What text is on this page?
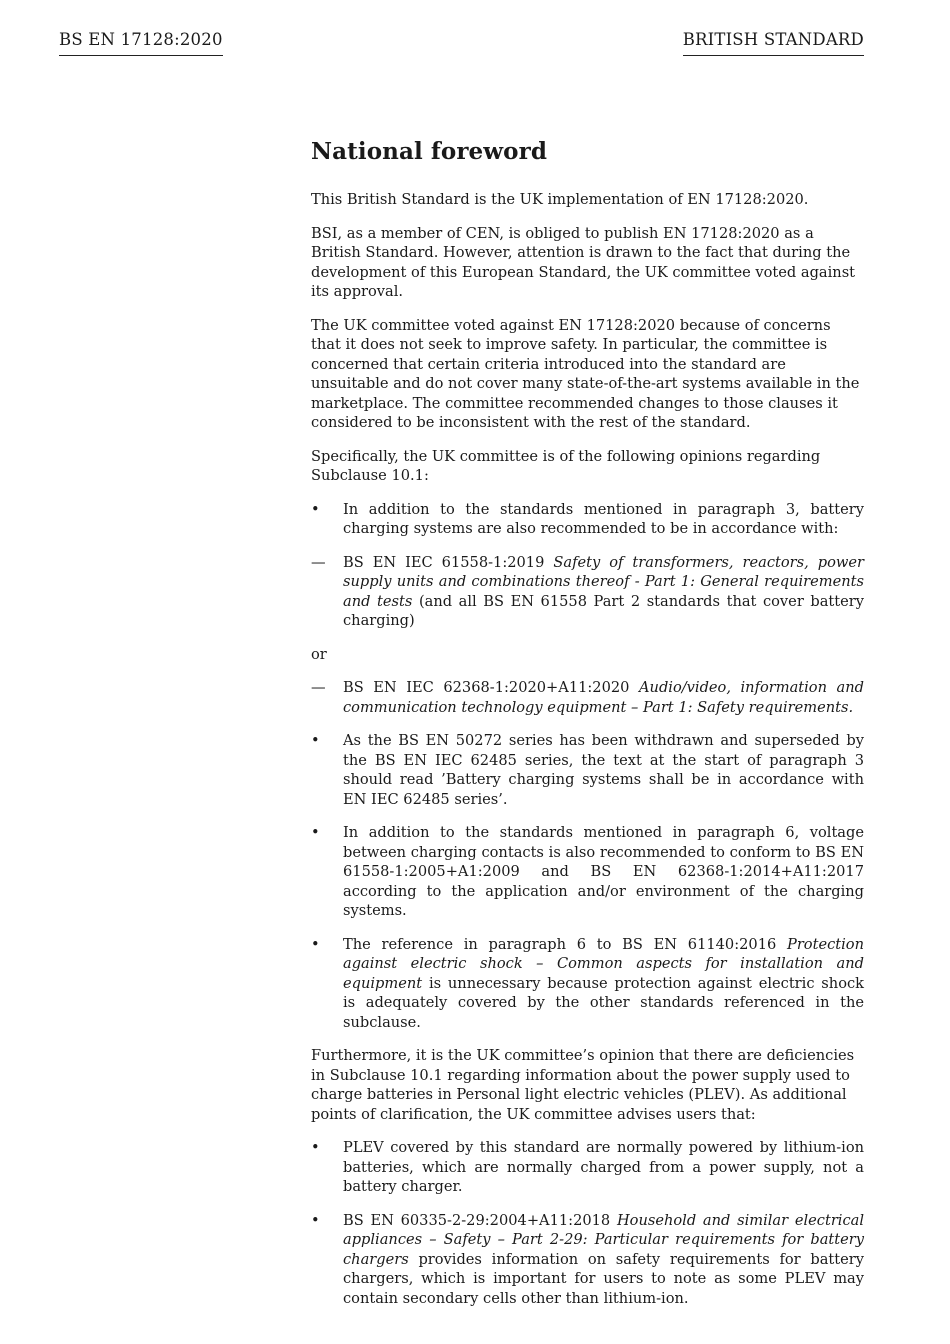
BS EN 17128:2020	BRITISH STANDARD
National foreword

This British Standard is the UK implementation of EN 17128:2020.

BSI, as a member of CEN, is obliged to publish EN 17128:2020 as a British Standard. However, attention is drawn to the fact that during the development of this European Standard, the UK committee voted against its approval.

The UK committee voted against EN 17128:2020 because of concerns that it does not seek to improve safety. In particular, the committee is concerned that certain criteria introduced into the standard are unsuitable and do not cover many state-of-the-art systems available in the marketplace. The committee recommended changes to those clauses it considered to be inconsistent with the rest of the standard.

Specifically, the UK committee is of the following opinions regarding Subclause 10.1:

• In addition to the standards mentioned in paragraph 3, battery charging systems are also recommended to be in accordance with:
— BS EN IEC 61558-1:2019 Safety of transformers, reactors, power supply units and combinations thereof - Part 1: General requirements and tests (and all BS EN 61558 Part 2 standards that cover battery charging)

or

— BS EN IEC 62368-1:2020+A11:2020 Audio/video, information and communication technology equipment – Part 1: Safety requirements.
• As the BS EN 50272 series has been withdrawn and superseded by the BS EN IEC 62485 series, the text at the start of paragraph 3 should read ’Battery charging systems shall be in accordance with EN IEC 62485 series’.
• In addition to the standards mentioned in paragraph 6, voltage between charging contacts is also recommended to conform to BS EN 61558-1:2005+A1:2009 and BS EN 62368-1:2014+A11:2017 according to the application and/or environment of the charging systems.
• The reference in paragraph 6 to BS EN 61140:2016 Protection against electric shock – Common aspects for installation and equipment is unnecessary because protection against electric shock is adequately covered by the other standards referenced in the subclause.

Furthermore, it is the UK committee’s opinion that there are deficiencies in Subclause 10.1 regarding information about the power supply used to charge batteries in Personal light electric vehicles (PLEV). As additional points of clarification, the UK committee advises users that:

• PLEV covered by this standard are normally powered by lithium-ion batteries, which are normally charged from a power supply, not a battery charger.
• BS EN 60335-2-29:2004+A11:2018 Household and similar electrical appliances – Safety – Part 2-29: Particular requirements for battery chargers provides information on safety requirements for battery chargers, which is important for users to note as some PLEV may contain secondary cells other than lithium-ion.
